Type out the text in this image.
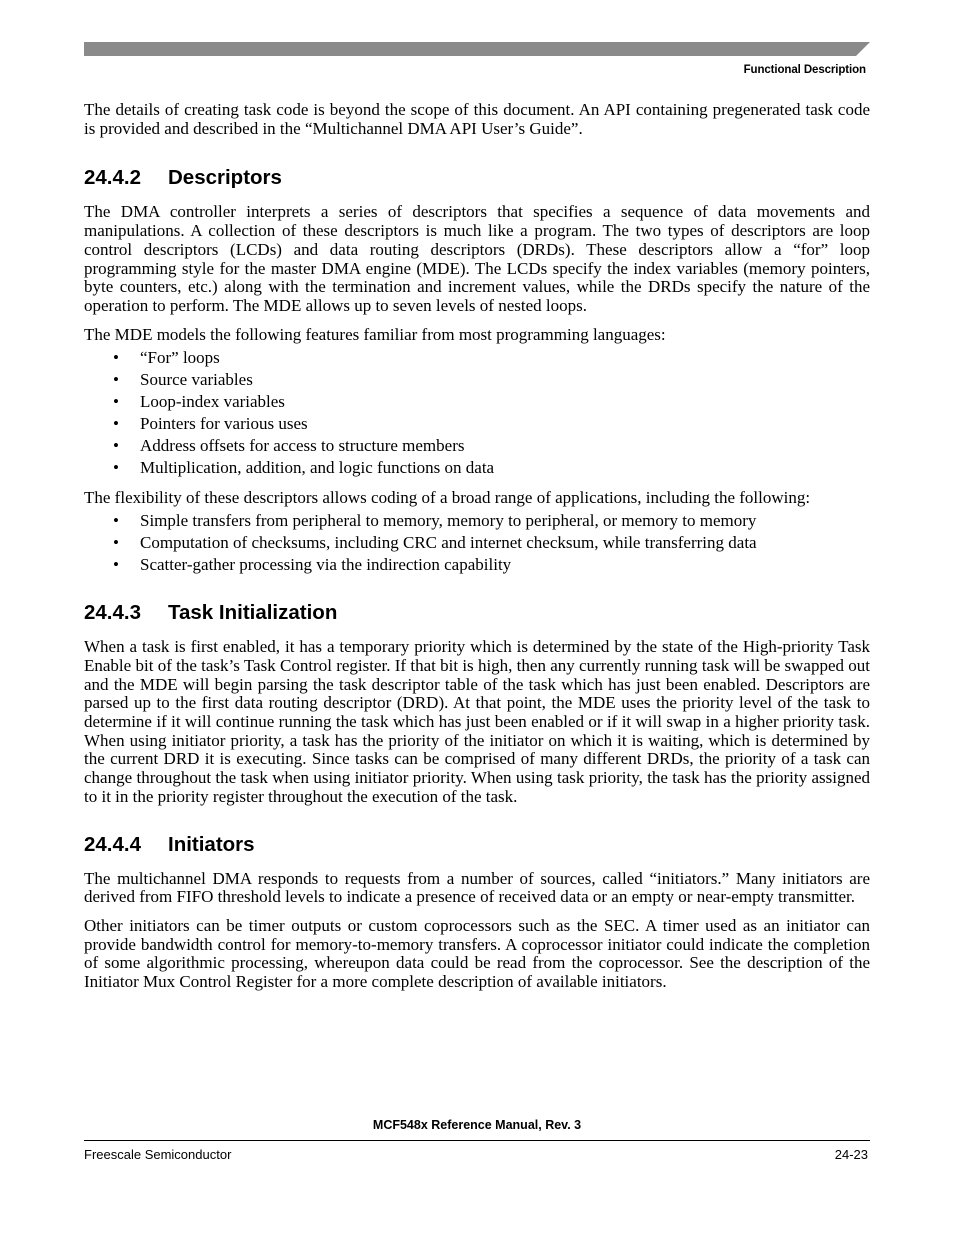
Functional Description

The details of creating task code is beyond the scope of this document. An API containing pregenerated task code is provided and described in the “Multichannel DMA API User’s Guide”.

24.4.2 Descriptors

The DMA controller interprets a series of descriptors that specifies a sequence of data movements and manipulations. A collection of these descriptors is much like a program. The two types of descriptors are loop control descriptors (LCDs) and data routing descriptors (DRDs). These descriptors allow a “for” loop programming style for the master DMA engine (MDE). The LCDs specify the index variables (memory pointers, byte counters, etc.) along with the termination and increment values, while the DRDs specify the nature of the operation to perform. The MDE allows up to seven levels of nested loops.

The MDE models the following features familiar from most programming languages:

• “For” loops
• Source variables
• Loop-index variables
• Pointers for various uses
• Address offsets for access to structure members
• Multiplication, addition, and logic functions on data

The flexibility of these descriptors allows coding of a broad range of applications, including the following:

• Simple transfers from peripheral to memory, memory to peripheral, or memory to memory
• Computation of checksums, including CRC and internet checksum, while transferring data
• Scatter-gather processing via the indirection capability
24.4.3 Task Initialization

When a task is first enabled, it has a temporary priority which is determined by the state of the High-priority Task Enable bit of the task’s Task Control register. If that bit is high, then any currently running task will be swapped out and the MDE will begin parsing the task descriptor table of the task which has just been enabled. Descriptors are parsed up to the first data routing descriptor (DRD). At that point, the MDE uses the priority level of the task to determine if it will continue running the task which has just been enabled or if it will swap in a higher priority task. When using initiator priority, a task has the priority of the initiator on which it is waiting, which is determined by the current DRD it is executing. Since tasks can be comprised of many different DRDs, the priority of a task can change throughout the task when using initiator priority. When using task priority, the task has the priority assigned to it in the priority register throughout the execution of the task.

24.4.4 Initiators

The multichannel DMA responds to requests from a number of sources, called “initiators.” Many initiators are derived from FIFO threshold levels to indicate a presence of received data or an empty or near-empty transmitter.

Other initiators can be timer outputs or custom coprocessors such as the SEC. A timer used as an initiator can provide bandwidth control for memory-to-memory transfers. A coprocessor initiator could indicate the completion of some algorithmic processing, whereupon data could be read from the coprocessor. See the description of the Initiator Mux Control Register for a more complete description of available initiators.

MCF548x Reference Manual, Rev. 3
Freescale Semiconductor	24-23
